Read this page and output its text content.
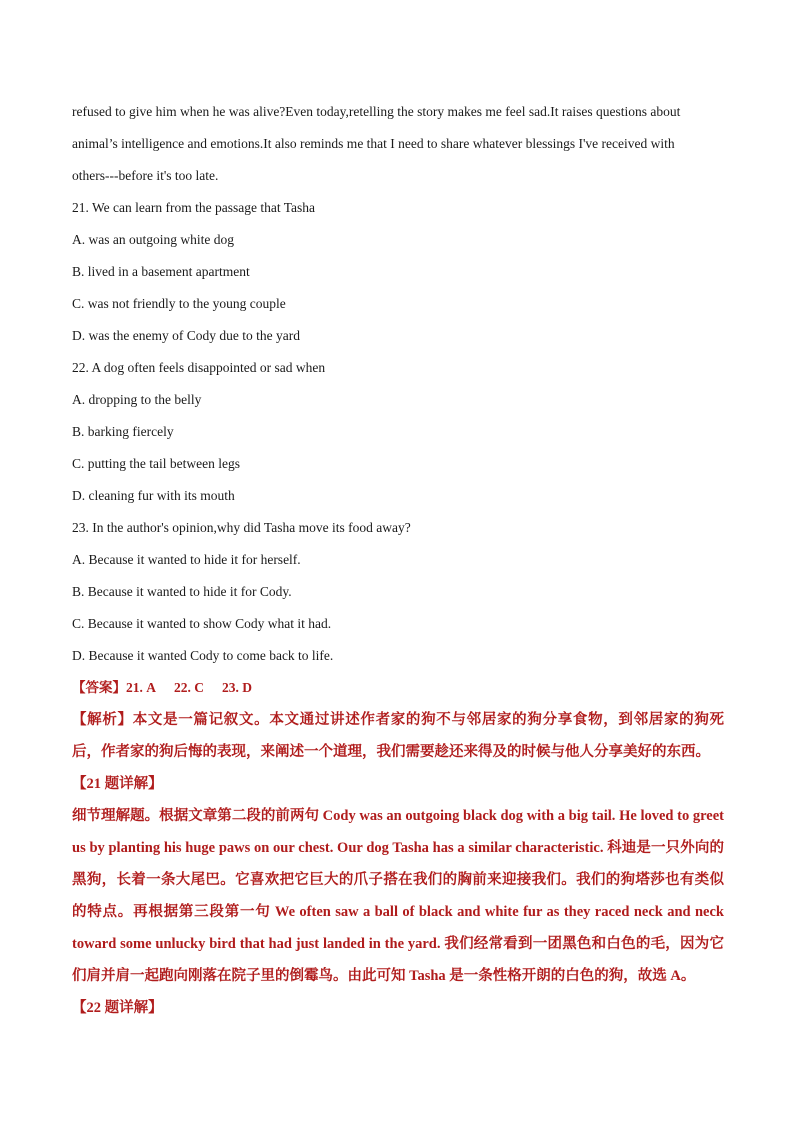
refused to give him when he was alive?Even today,retelling the story makes me feel sad.It raises questions about
animal’s intelligence and emotions.It also reminds me that I need to share whatever blessings I've received with
others---before it's too late.
21. We can learn from the passage that Tasha
A. was an outgoing white dog
B. lived in a basement apartment
C. was not friendly to the young couple
D. was the enemy of Cody due to the yard
22. A dog often feels disappointed or sad when
A. dropping to the belly
B. barking fiercely
C. putting the tail between legs
D. cleaning fur with its mouth
23. In the author's opinion,why did Tasha move its food away?
A. Because it wanted to hide it for herself.
B. Because it wanted to hide it for Cody.
C. Because it wanted to show Cody what it had.
D. Because it wanted Cody to come back to life.
【答案】21. A 22. C 23. D
【解析】本文是一篇记叙文。本文通过讲述作者家的狗不与邻居家的狗分享食物，到邻居家的狗死后，作者家的狗后悔的表现，来阐述一个道理，我们需要趁还来得及的时候与他人分享美好的东西。
【21 题详解】
细节理解题。根据文章第二段的前两句 Cody was an outgoing black dog with a big tail. He loved to greet us by planting his huge paws on our chest. Our dog Tasha has a similar characteristic. 科迪是一只外向的黑狗，长着一条大尾巴。它喜欢把它巨大的爪子搭在我们的胸前来迎接我们。我们的狗塔莎也有类似的特点。再根据第三段第一句 We often saw a ball of black and white fur as they raced neck and neck toward some unlucky bird that had just landed in the yard. 我们经常看到一团黑色和白色的毛，因为它们肩并肩一起跑向刚落在院子里的倒霉鸟。由此可知 Tasha 是一条性格开朗的白色的狗，故选 A。
【22 题详解】
